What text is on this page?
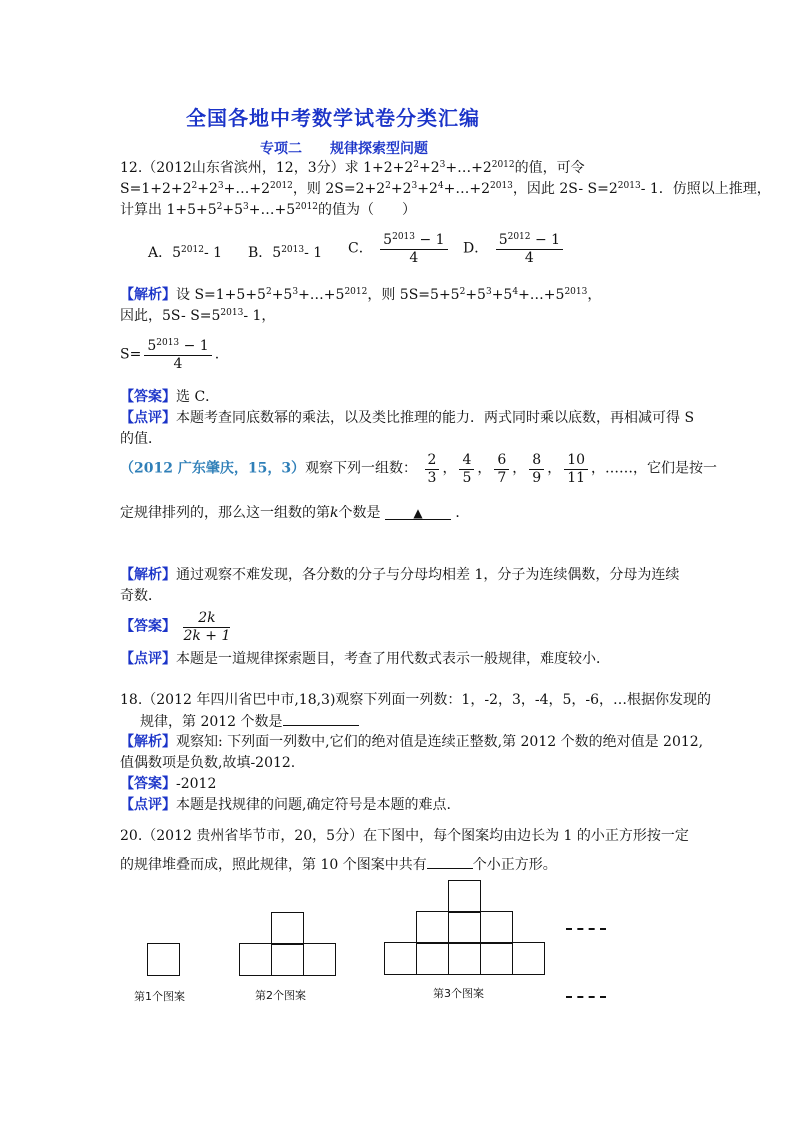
全国各地中考数学试卷分类汇编
专项二　　规律探索型问题
12.（2012山东省滨州，12，3分）求 $1+2+2^2+2^3+\dots+2^{2012}$的值，可令
$S=1+2+2^2+2^3+\dots+2^{2012}$，则 $2S=2+2^2+2^3+2^4+\dots+2^{2013}$，因此 2S- $S=2^{2013}-$ 1．仿照以上推理，
计算出 $1+5+5^2+5^3+\dots+5^{2012}$的值为（　　）
A．$5^{2012}-$ 1 B．$5^{2013}-$ 1 C． $\frac{5^{2013} - 1}{4}$ D． $\frac{5^{2012} - 1}{4}$
【解析】设 $S=1+5+5^2+5^3+\dots+5^{2012}$，则 $5S=5+5^2+5^3+5^4+\dots+5^{2013}$，
因此，5S- $S=5^{2013}-$ 1，
$S= \frac{5^{2013} - 1}{4}$ .
【答案】选 C．
【点评】本题考查同底数幂的乘法，以及类比推理的能力．两式同时乘以底数，再相减可得 S
的值．
（2012 广东肇庆，15，3）观察下列一组数： $\frac{2}{3}$ ， $\frac{4}{5}$ ， $\frac{6}{7}$ ， $\frac{8}{9}$ ， $\frac{10}{11}$ ，……，它们是按一
定规律排列的，那么这一组数的第k个数是	▲ ．
【解析】通过观察不难发现，各分数的分子与分母均相差 1，分子为连续偶数，分母为连续
奇数．
【答案】 $\frac{2k}{2k + 1}$
【点评】本题是一道规律探索题目，考查了用代数式表示一般规律，难度较小．
18.（2012 年四川省巴中市,18,3)观察下列面一列数：1，-2，3，-4，5，-6，…根据你发现的
规律，第 2012 个数是
【解析】观察知: 下列面一列数中,它们的绝对值是连续正整数,第 2012 个数的绝对值是 2012,
值偶数项是负数,故填-2012.
【答案】-2012
【点评】本题是找规律的问题,确定符号是本题的难点.
20.（2012 贵州省毕节市，20，5分）在下图中，每个图案均由边长为 1 的小正方形按一定
的规律堆叠而成，照此规律，第 10 个图案中共有	个小正方形。
第1个图案	第2个图案	第3个图案
